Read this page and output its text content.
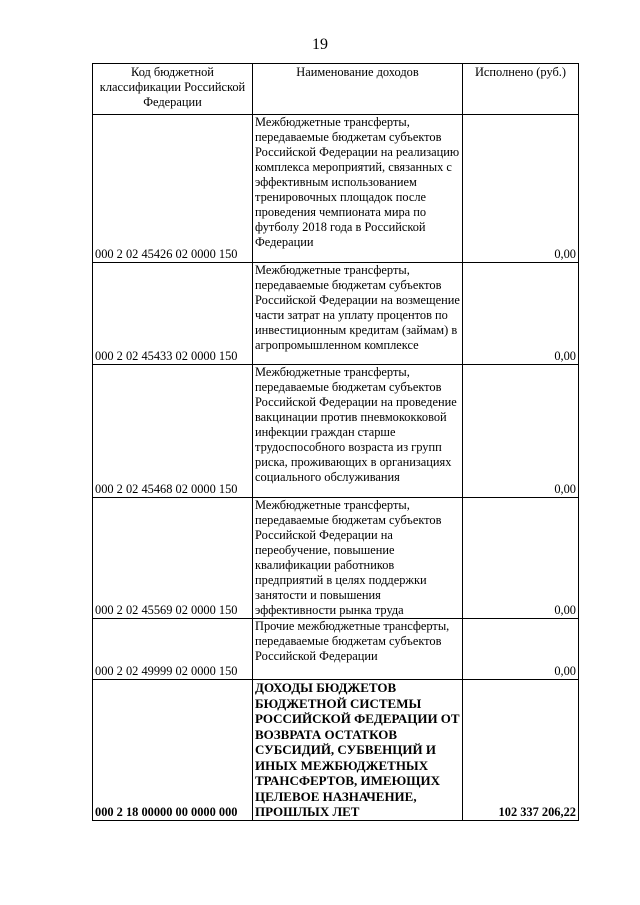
19
Код бюджетной классификации Российской Федерации	Наименование доходов	Исполнено (руб.)
000 2 02 45426 02 0000 150	Межбюджетные трансферты, передаваемые бюджетам субъектов Российской Федерации на реализацию комплекса мероприятий, связанных с эффективным использованием тренировочных площадок после проведения чемпионата мира по футболу 2018 года в Российской Федерации	0,00
000 2 02 45433 02 0000 150	Межбюджетные трансферты, передаваемые бюджетам субъектов Российской Федерации на возмещение части затрат на уплату процентов по инвестиционным кредитам (займам) в агропромышленном комплексе	0,00
000 2 02 45468 02 0000 150	Межбюджетные трансферты, передаваемые бюджетам субъектов Российской Федерации на проведение вакцинации против пневмококковой инфекции граждан старше трудоспособного возраста из групп риска, проживающих в организациях социального обслуживания	0,00
000 2 02 45569 02 0000 150	Межбюджетные трансферты, передаваемые бюджетам субъектов Российской Федерации на переобучение, повышение квалификации работников предприятий в целях поддержки занятости и повышения эффективности рынка труда	0,00
000 2 02 49999 02 0000 150	Прочие межбюджетные трансферты, передаваемые бюджетам субъектов Российской Федерации	0,00
000 2 18 00000 00 0000 000	ДОХОДЫ БЮДЖЕТОВ БЮДЖЕТНОЙ СИСТЕМЫ РОССИЙСКОЙ ФЕДЕРАЦИИ ОТ ВОЗВРАТА ОСТАТКОВ СУБСИДИЙ, СУБВЕНЦИЙ И ИНЫХ МЕЖБЮДЖЕТНЫХ ТРАНСФЕРТОВ, ИМЕЮЩИХ ЦЕЛЕВОЕ НАЗНАЧЕНИЕ, ПРОШЛЫХ ЛЕТ	102 337 206,22
